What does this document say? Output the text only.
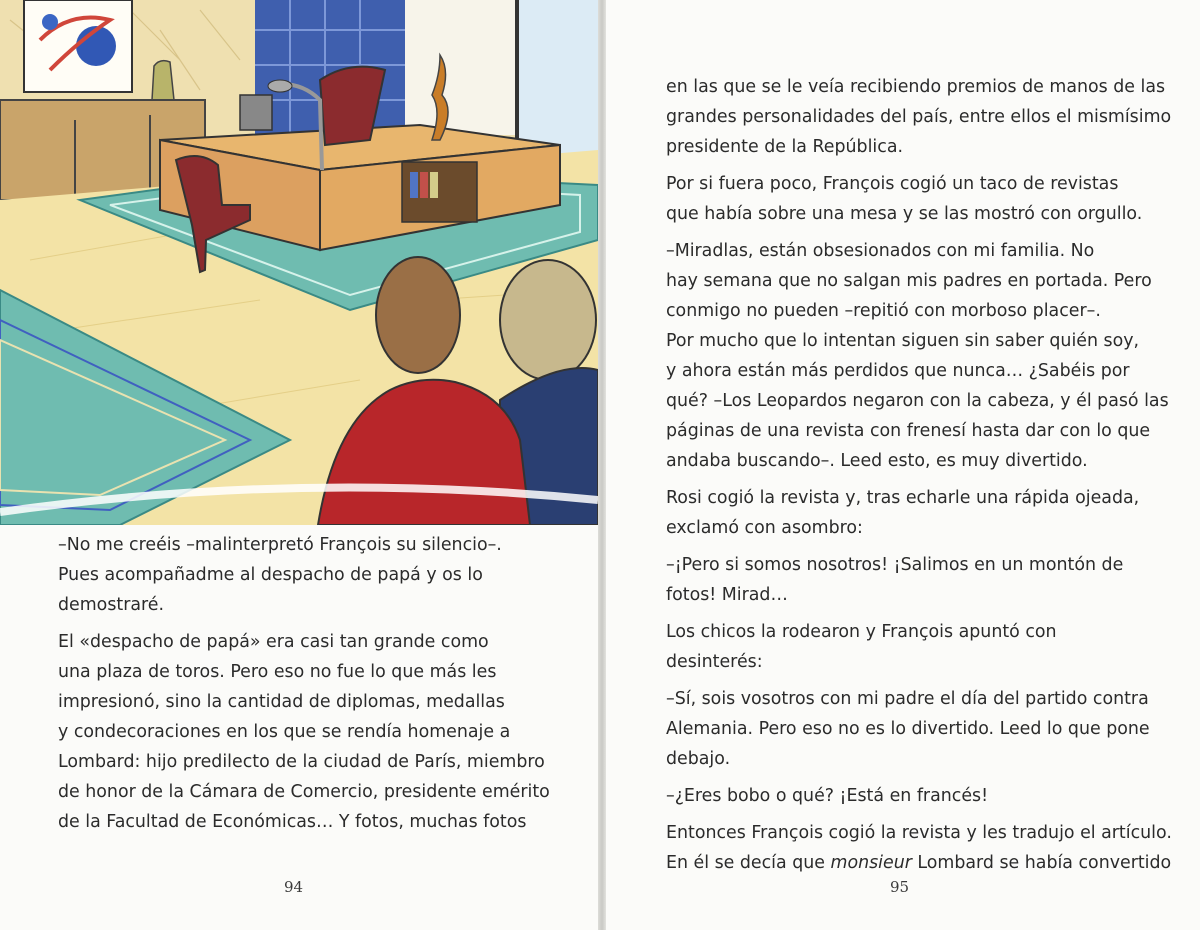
–No me creéis –malinterpretó François su silencio–.
Pues acompañadme al despacho de papá y os lo
demostraré.

El «despacho de papá» era casi tan grande como
una plaza de toros. Pero eso no fue lo que más les
impresionó, sino la cantidad de diplomas, medallas
y condecoraciones en los que se rendía homenaje a
Lombard: hijo predilecto de la ciudad de París, miembro
de honor de la Cámara de Comercio, presidente emérito
de la Facultad de Económicas… Y fotos, muchas fotos

94

en las que se le veía recibiendo premios de manos de las
grandes personalidades del país, entre ellos el mismísimo
presidente de la República.

Por si fuera poco, François cogió un taco de revistas
que había sobre una mesa y se las mostró con orgullo.

–Miradlas, están obsesionados con mi familia. No
hay semana que no salgan mis padres en portada. Pero
conmigo no pueden –repitió con morboso placer–.
Por mucho que lo intentan siguen sin saber quién soy,
y ahora están más perdidos que nunca… ¿Sabéis por
qué? –Los Leopardos negaron con la cabeza, y él pasó las
páginas de una revista con frenesí hasta dar con lo que
andaba buscando–. Leed esto, es muy divertido.

Rosi cogió la revista y, tras echarle una rápida ojeada,
exclamó con asombro:

–¡Pero si somos nosotros! ¡Salimos en un montón de
fotos! Mirad…

Los chicos la rodearon y François apuntó con
desinterés:

–Sí, sois vosotros con mi padre el día del partido contra
Alemania. Pero eso no es lo divertido. Leed lo que pone
debajo.

–¿Eres bobo o qué? ¡Está en francés!

Entonces François cogió la revista y les tradujo el artículo.
En él se decía que monsieur Lombard se había convertido

95
